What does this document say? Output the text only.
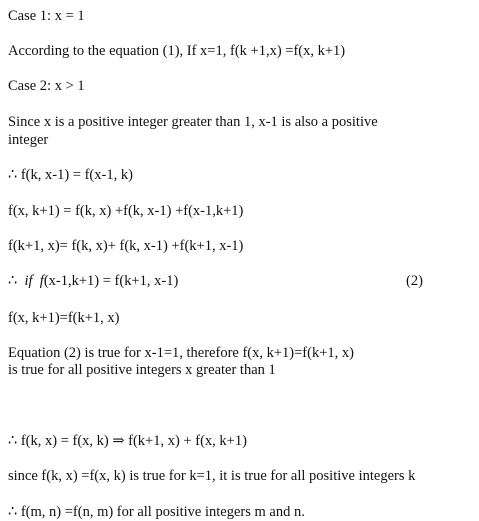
Case 1: x = 1
According to the equation (1), If x=1, f(k +1,x) =f(x, k+1)
Case 2: x > 1
Since x is a positive integer greater than 1, x-1 is also a positive
integer
∴ f(k, x-1) = f(x-1, k)
f(x, k+1) = f(k, x) +f(k, x-1) +f(x-1,k+1)
f(k+1, x)= f(k, x)+ f(k, x-1) +f(k+1, x-1)
∴ if f(x-1,k+1) = f(k+1, x-1)	(2)
f(x, k+1)=f(k+1, x)
Equation (2) is true for x-1=1, therefore f(x, k+1)=f(k+1, x)
is true for all positive integers x greater than 1
∴ f(k, x) = f(x, k) ⇒ f(k+1, x) + f(x, k+1)
since f(k, x) =f(x, k) is true for k=1, it is true for all positive integers k
∴ f(m, n) =f(n, m) for all positive integers m and n.
